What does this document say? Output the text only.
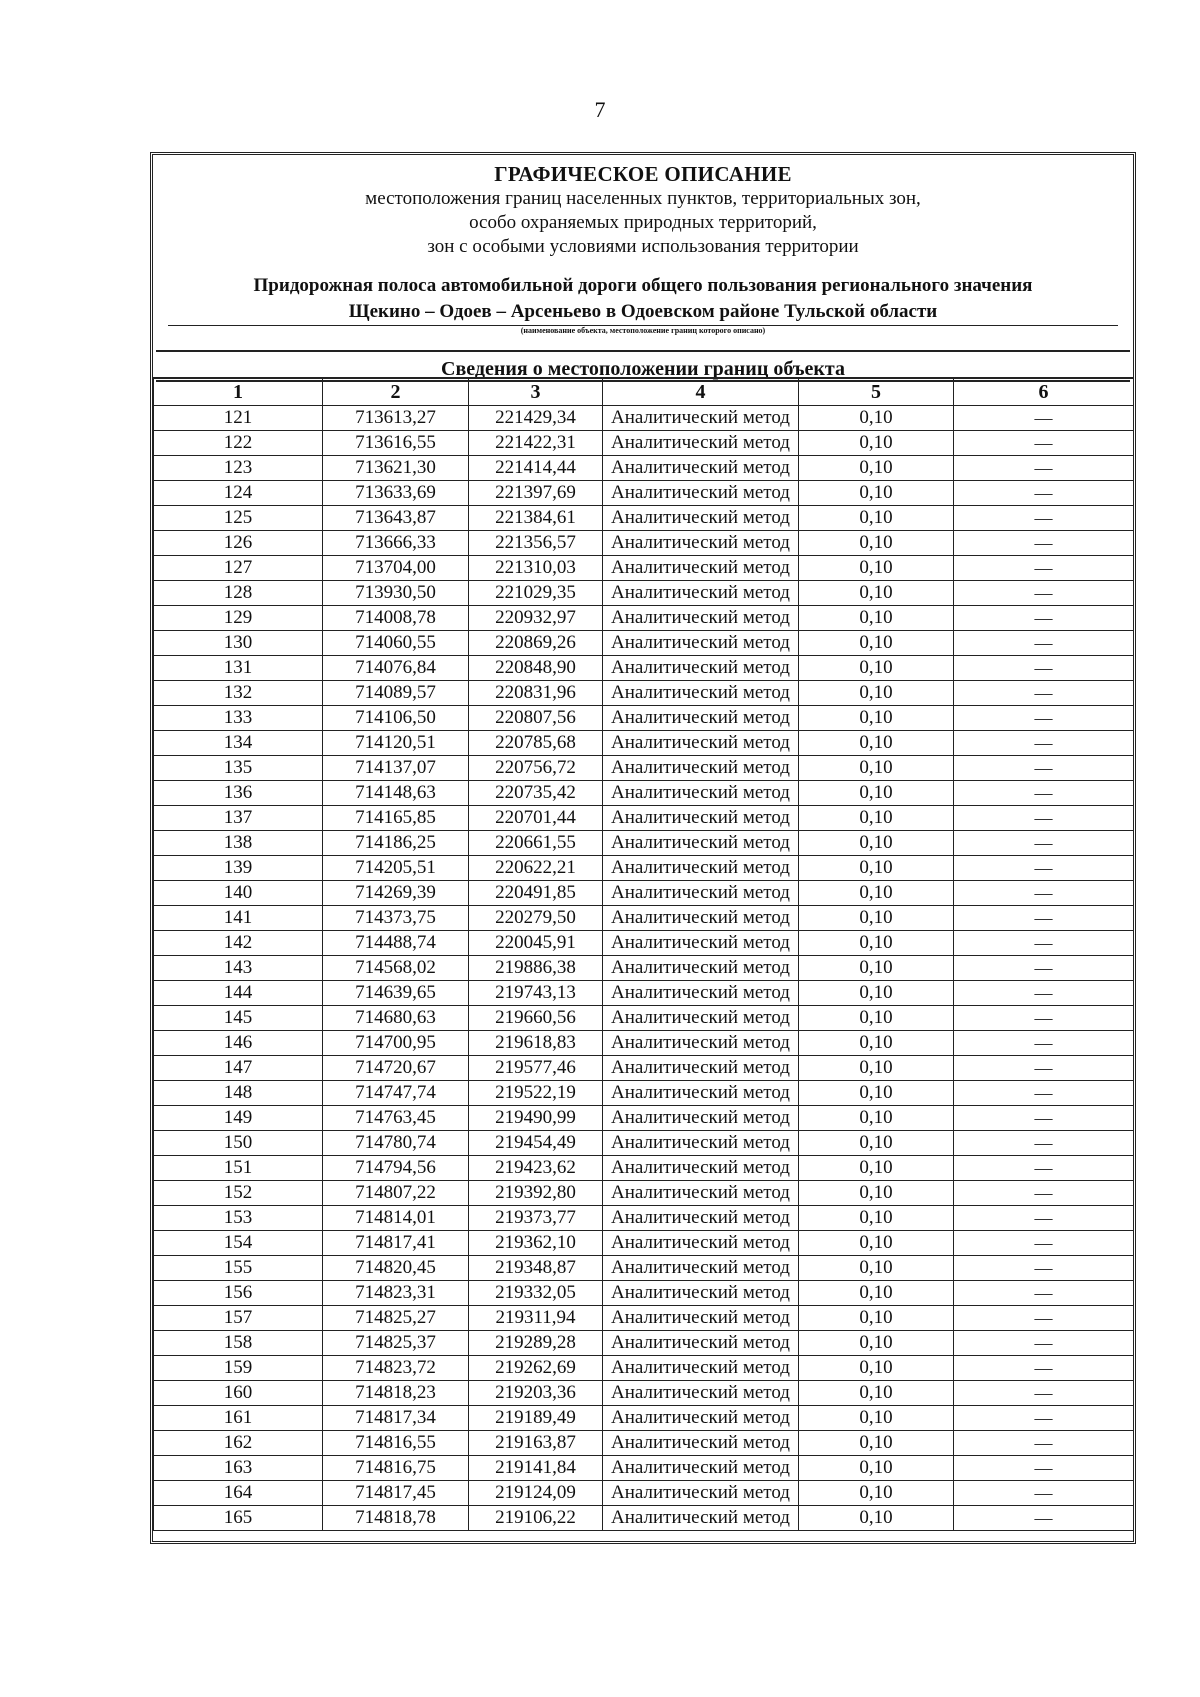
7
ГРАФИЧЕСКОЕ ОПИСАНИЕ
местоположения границ населенных пунктов, территориальных зон,
особо охраняемых природных территорий,
зон с особыми условиями использования территории
Придорожная полоса автомобильной дороги общего пользования регионального значения
Щекино – Одоев – Арсеньево в Одоевском районе Тульской области
(наименование объекта, местоположение границ которого описано)
Сведения о местоположении границ объекта
1	2	3	4	5	6
121	713613,27	221429,34	Аналитический метод	0,10	—
122	713616,55	221422,31	Аналитический метод	0,10	—
123	713621,30	221414,44	Аналитический метод	0,10	—
124	713633,69	221397,69	Аналитический метод	0,10	—
125	713643,87	221384,61	Аналитический метод	0,10	—
126	713666,33	221356,57	Аналитический метод	0,10	—
127	713704,00	221310,03	Аналитический метод	0,10	—
128	713930,50	221029,35	Аналитический метод	0,10	—
129	714008,78	220932,97	Аналитический метод	0,10	—
130	714060,55	220869,26	Аналитический метод	0,10	—
131	714076,84	220848,90	Аналитический метод	0,10	—
132	714089,57	220831,96	Аналитический метод	0,10	—
133	714106,50	220807,56	Аналитический метод	0,10	—
134	714120,51	220785,68	Аналитический метод	0,10	—
135	714137,07	220756,72	Аналитический метод	0,10	—
136	714148,63	220735,42	Аналитический метод	0,10	—
137	714165,85	220701,44	Аналитический метод	0,10	—
138	714186,25	220661,55	Аналитический метод	0,10	—
139	714205,51	220622,21	Аналитический метод	0,10	—
140	714269,39	220491,85	Аналитический метод	0,10	—
141	714373,75	220279,50	Аналитический метод	0,10	—
142	714488,74	220045,91	Аналитический метод	0,10	—
143	714568,02	219886,38	Аналитический метод	0,10	—
144	714639,65	219743,13	Аналитический метод	0,10	—
145	714680,63	219660,56	Аналитический метод	0,10	—
146	714700,95	219618,83	Аналитический метод	0,10	—
147	714720,67	219577,46	Аналитический метод	0,10	—
148	714747,74	219522,19	Аналитический метод	0,10	—
149	714763,45	219490,99	Аналитический метод	0,10	—
150	714780,74	219454,49	Аналитический метод	0,10	—
151	714794,56	219423,62	Аналитический метод	0,10	—
152	714807,22	219392,80	Аналитический метод	0,10	—
153	714814,01	219373,77	Аналитический метод	0,10	—
154	714817,41	219362,10	Аналитический метод	0,10	—
155	714820,45	219348,87	Аналитический метод	0,10	—
156	714823,31	219332,05	Аналитический метод	0,10	—
157	714825,27	219311,94	Аналитический метод	0,10	—
158	714825,37	219289,28	Аналитический метод	0,10	—
159	714823,72	219262,69	Аналитический метод	0,10	—
160	714818,23	219203,36	Аналитический метод	0,10	—
161	714817,34	219189,49	Аналитический метод	0,10	—
162	714816,55	219163,87	Аналитический метод	0,10	—
163	714816,75	219141,84	Аналитический метод	0,10	—
164	714817,45	219124,09	Аналитический метод	0,10	—
165	714818,78	219106,22	Аналитический метод	0,10	—
